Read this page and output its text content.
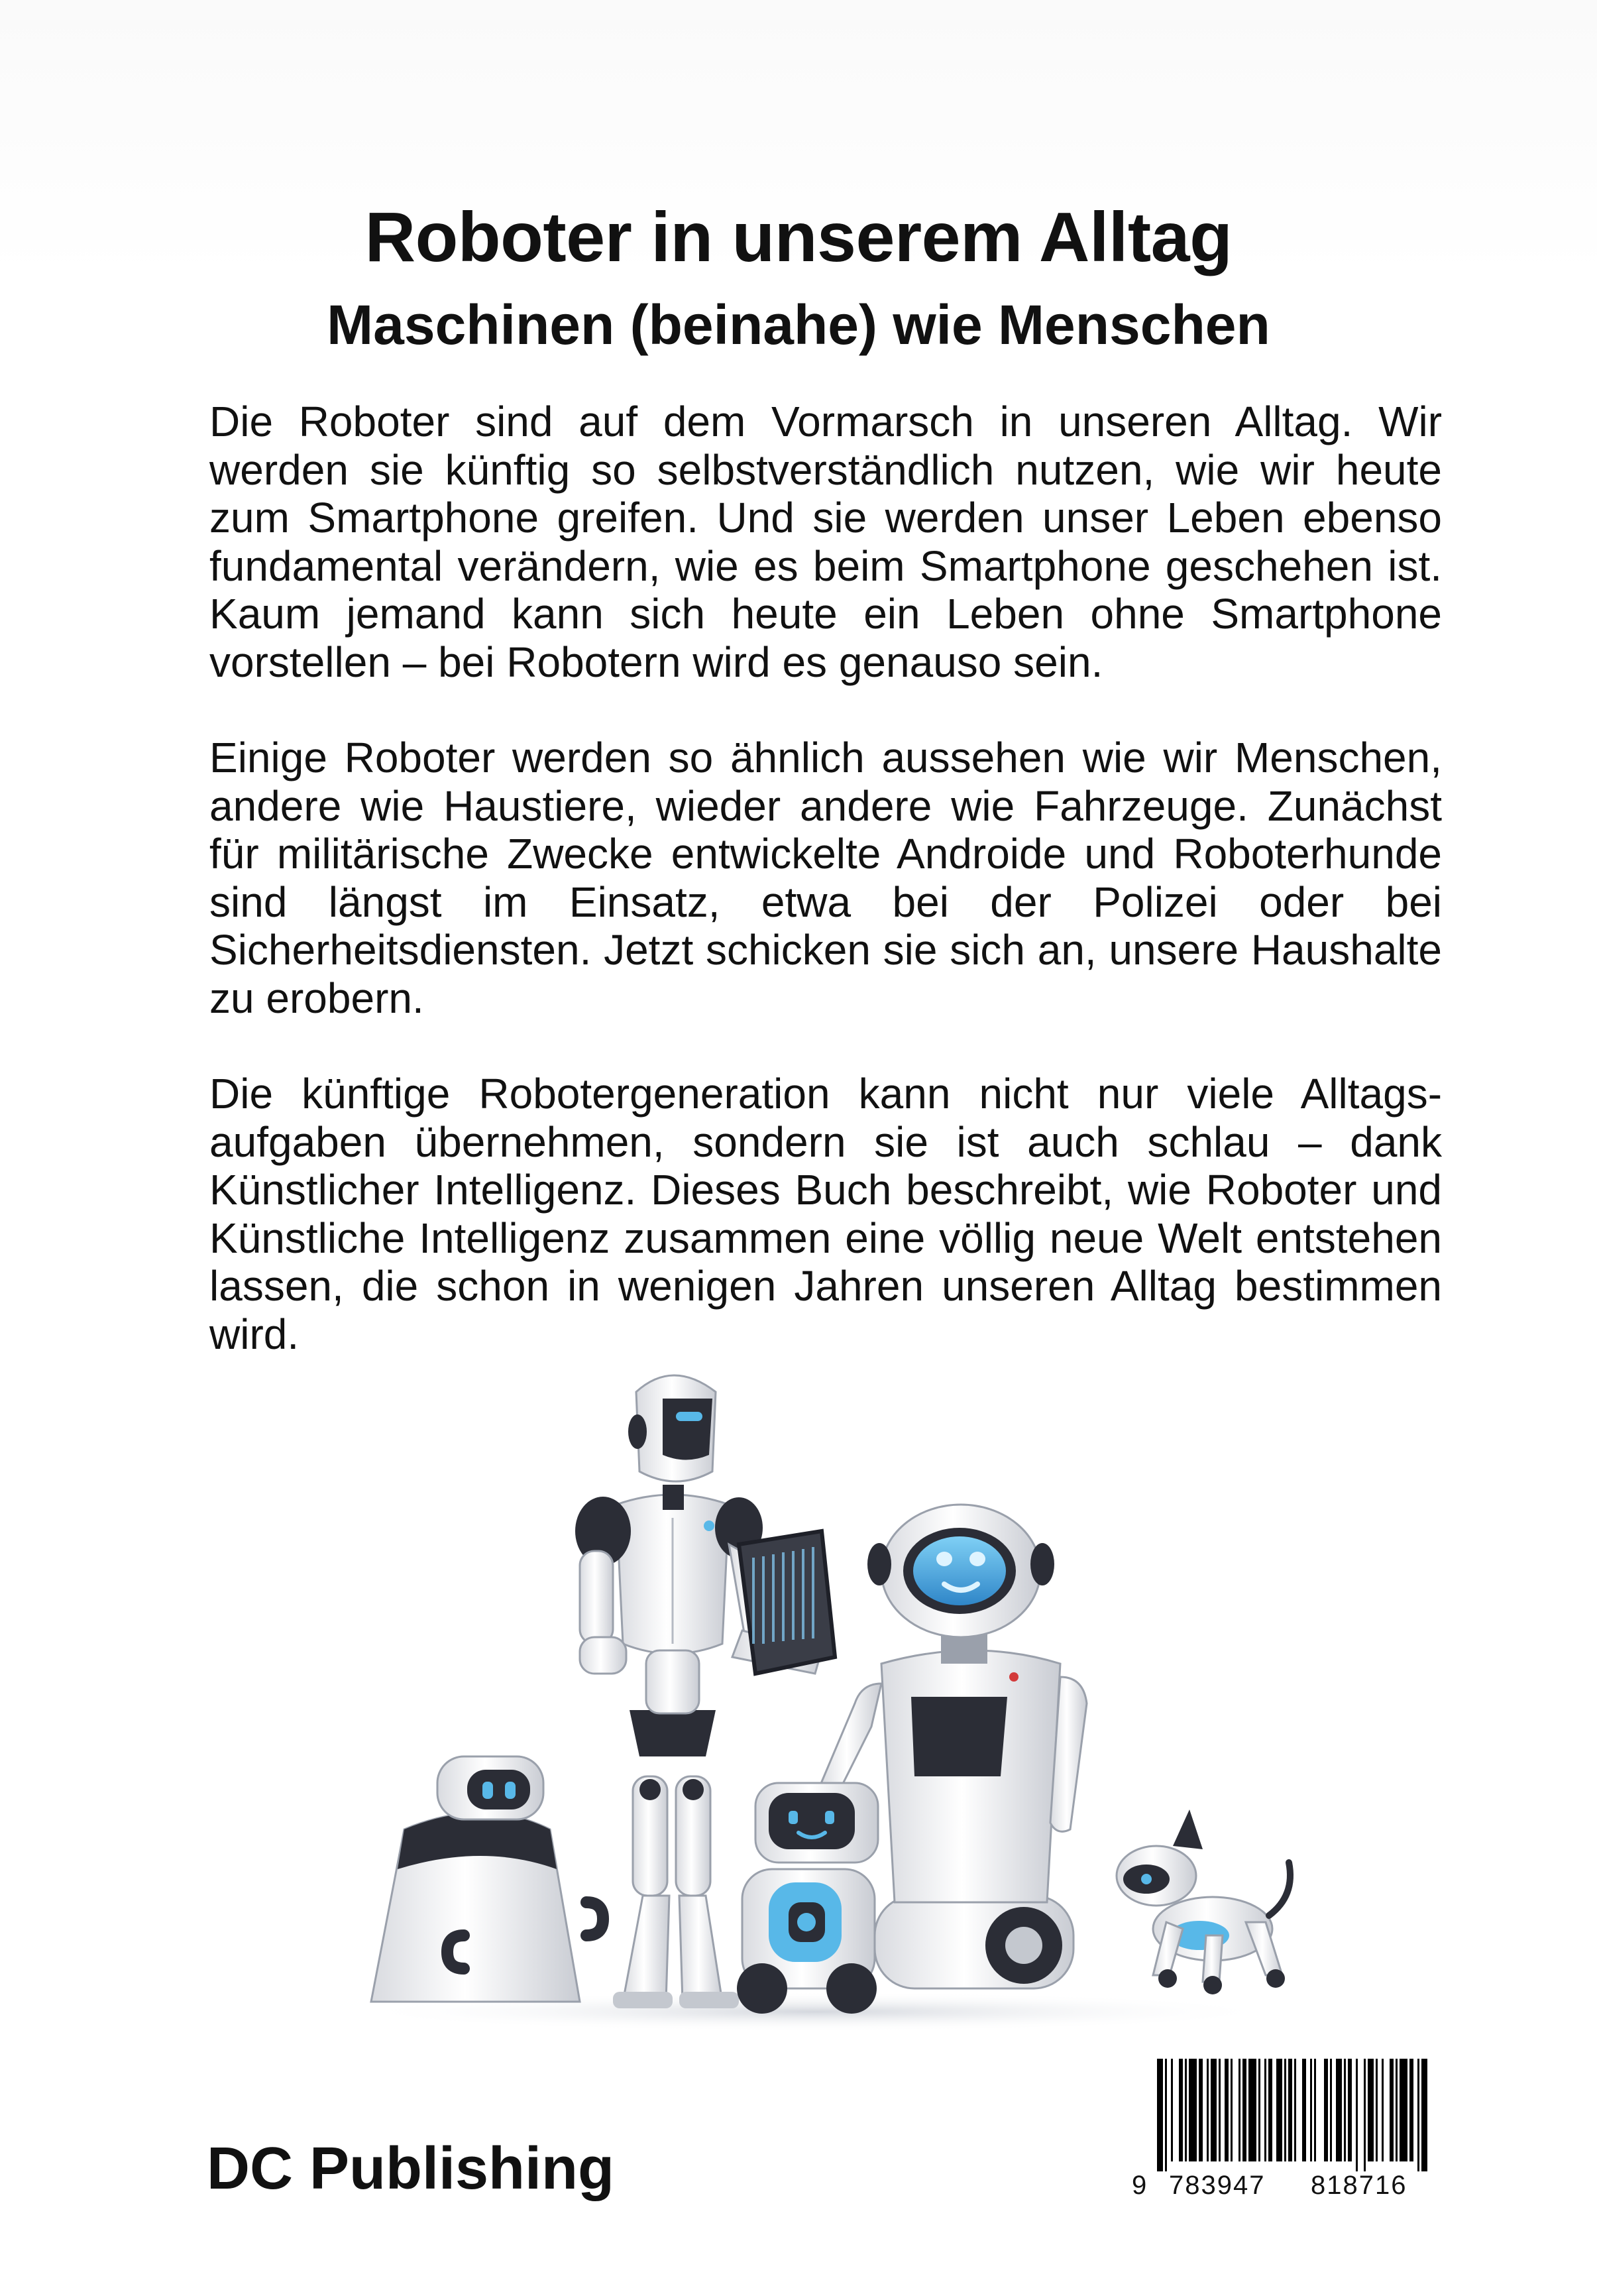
Roboter in unserem Alltag
Maschinen (beinahe) wie Menschen

Die Roboter sind auf dem Vormarsch in unseren Alltag. Wir werden sie künftig so selbstverständlich nutzen, wie wir heute zum Smartphone greifen. Und sie werden unser Leben ebenso fundamental verändern, wie es beim Smartphone geschehen ist. Kaum jemand kann sich heute ein Leben ohne Smartphone vorstellen – bei Robotern wird es genauso sein.

Einige Roboter werden so ähnlich aussehen wie wir Menschen, andere wie Haustiere, wieder andere wie Fahrzeuge. Zunächst für militärische Zwecke entwickelte Androide und Roboterhunde sind längst im Einsatz, etwa bei der Polizei oder bei Sicherheitsdiensten. Jetzt schicken sie sich an, unsere Haushalte zu erobern.

Die künftige Robotergeneration kann nicht nur viele Alltagsaufgaben übernehmen, sondern sie ist auch schlau – dank Künstlicher Intelligenz. Dieses Buch beschreibt, wie Roboter und Künstliche Intelligenz zusammen eine völlig neue Welt entstehen lassen, die schon in wenigen Jahren unseren Alltag bestimmen wird.

DC Publishing	9 783947 818716
